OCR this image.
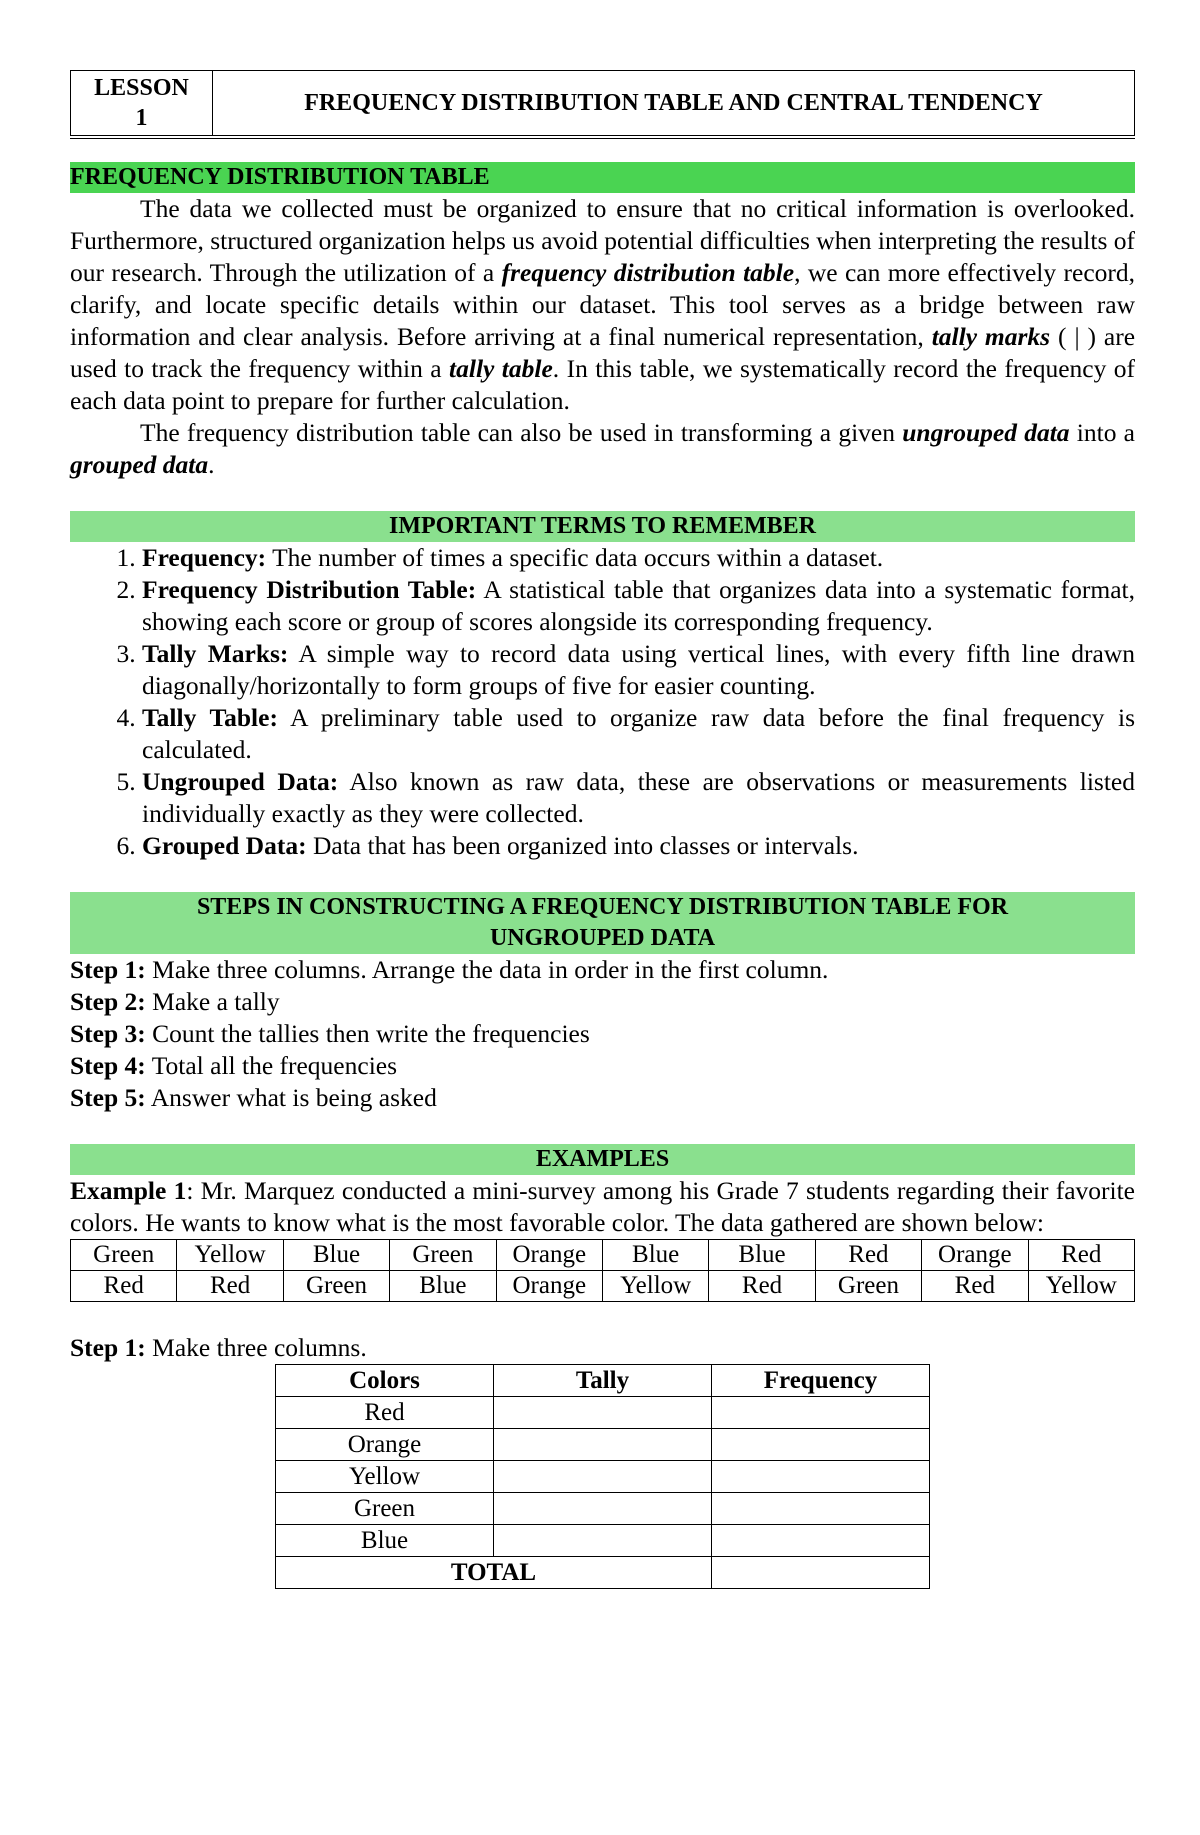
LESSON
1
FREQUENCY DISTRIBUTION TABLE AND CENTRAL TENDENCY
FREQUENCY DISTRIBUTION TABLE

The data we collected must be organized to ensure that no critical information is overlooked. Furthermore, structured organization helps us avoid potential difficulties when interpreting the results of our research. Through the utilization of a frequency distribution table, we can more effectively record, clarify, and locate specific details within our dataset. This tool serves as a bridge between raw information and clear analysis. Before arriving at a final numerical representation, tally marks ( | ) are used to track the frequency within a tally table. In this table, we systematically record the frequency of each data point to prepare for further calculation.

The frequency distribution table can also be used in transforming a given ungrouped data into a grouped data.

IMPORTANT TERMS TO REMEMBER
1. Frequency: The number of times a specific data occurs within a dataset.
2. Frequency Distribution Table: A statistical table that organizes data into a systematic format, showing each score or group of scores alongside its corresponding frequency.
3. Tally Marks: A simple way to record data using vertical lines, with every fifth line drawn diagonally/horizontally to form groups of five for easier counting.
4. Tally Table: A preliminary table used to organize raw data before the final frequency is calculated.
5. Ungrouped Data: Also known as raw data, these are observations or measurements listed individually exactly as they were collected.
6. Grouped Data: Data that has been organized into classes or intervals.
STEPS IN CONSTRUCTING A FREQUENCY DISTRIBUTION TABLE FOR
UNGROUPED DATA
Step 1: Make three columns. Arrange the data in order in the first column.
Step 2: Make a tally
Step 3: Count the tallies then write the frequencies
Step 4: Total all the frequencies
Step 5: Answer what is being asked
EXAMPLES

Example 1: Mr. Marquez conducted a mini-survey among his Grade 7 students regarding their favorite colors. He wants to know what is the most favorable color. The data gathered are shown below:

Green	Yellow	Blue	Green	Orange	Blue	Blue	Red	Orange	Red
Red	Red	Green	Blue	Orange	Yellow	Red	Green	Red	Yellow
Step 1: Make three columns.
Colors	Tally	Frequency
Red		
Orange		
Yellow		
Green		
Blue		
TOTAL		
